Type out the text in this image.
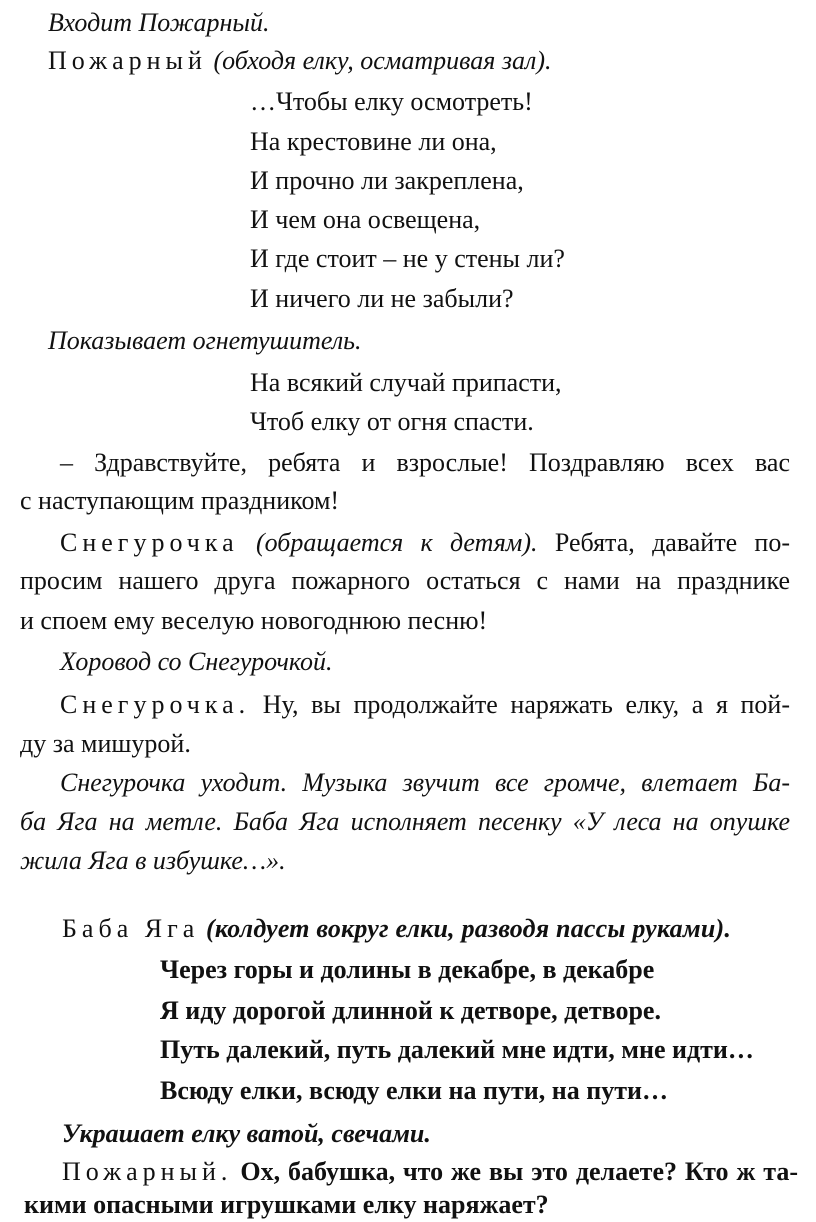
Входит Пожарный.
Пожарный (обходя елку, осматривая зал).
…Чтобы елку осмотреть!
На крестовине ли она,
И прочно ли закреплена,
И чем она освещена,
И где стоит – не у стены ли?
И ничего ли не забыли?
Показывает огнетушитель.
На всякий случай припасти,
Чтоб елку от огня спасти.
– Здравствуйте, ребята и взрослые! Поздравляю всех вас
с наступающим праздником!
Снегурочка (обращается к детям). Ребята, давайте по-
просим нашего друга пожарного остаться с нами на празднике
и споем ему веселую новогоднюю песню!
Хоровод со Снегурочкой.
Снегурочка. Ну, вы продолжайте наряжать елку, а я пой-
ду за мишурой.
Снегурочка уходит. Музыка звучит все громче, влетает Ба-
ба Яга на метле. Баба Яга исполняет песенку «У леса на опушке
жила Яга в избушке…».
Баба Яга (колдует вокруг елки, разводя пассы руками).
Через горы и долины в декабре, в декабре
Я иду дорогой длинной к детворе, детворе.
Путь далекий, путь далекий мне идти, мне идти…
Всюду елки, всюду елки на пути, на пути…
Украшает елку ватой, свечами.
Пожарный. Ох, бабушка, что же вы это делаете? Кто ж та-
кими опасными игрушками елку наряжает?
